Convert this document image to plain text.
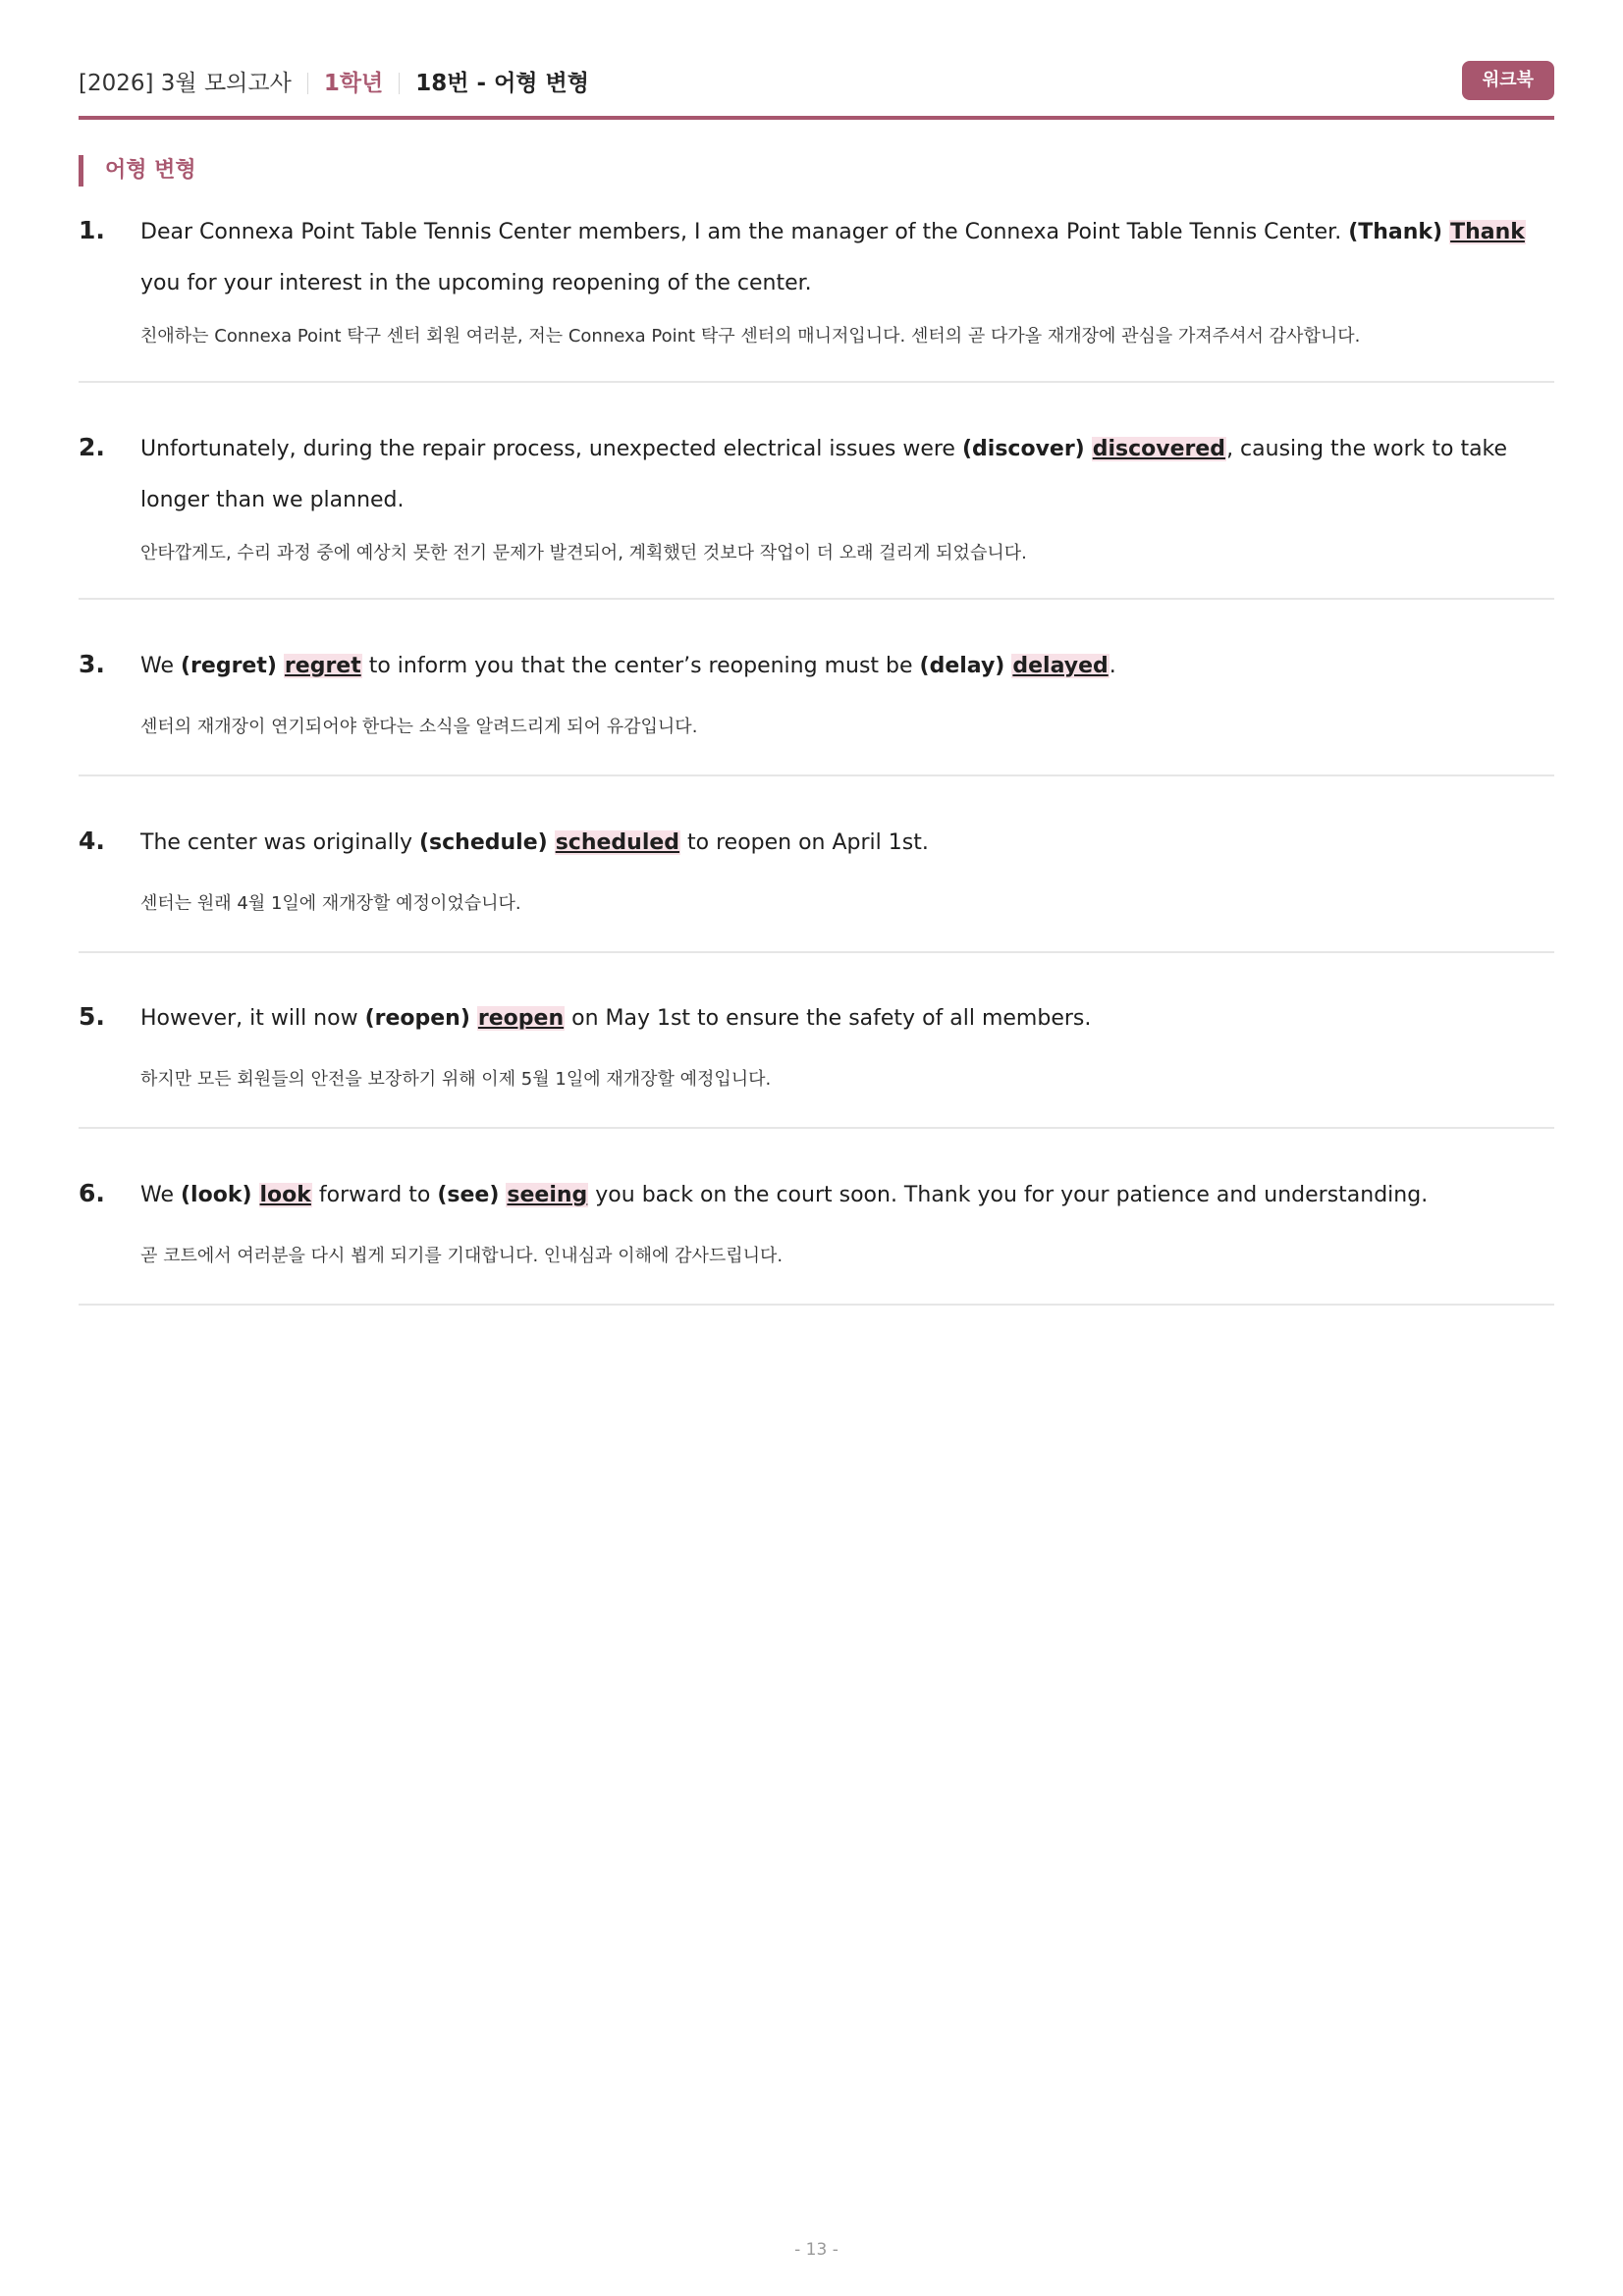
[2026] 3월 모의고사 1학년 18번 - 어형 변형	워크북
어형 변형
1. Dear Connexa Point Table Tennis Center members, I am the manager of the Connexa Point Table Tennis Center. (Thank) Thank you for your interest in the upcoming reopening of the center.
친애하는 Connexa Point 탁구 센터 회원 여러분, 저는 Connexa Point 탁구 센터의 매니저입니다. 센터의 곧 다가올 재개장에 관심을 가져주셔서 감사합니다.
2. Unfortunately, during the repair process, unexpected electrical issues were (discover) discovered, causing the work to take longer than we planned.
안타깝게도, 수리 과정 중에 예상치 못한 전기 문제가 발견되어, 계획했던 것보다 작업이 더 오래 걸리게 되었습니다.
3. We (regret) regret to inform you that the center’s reopening must be (delay) delayed.
센터의 재개장이 연기되어야 한다는 소식을 알려드리게 되어 유감입니다.
4. The center was originally (schedule) scheduled to reopen on April 1st.
센터는 원래 4월 1일에 재개장할 예정이었습니다.
5. However, it will now (reopen) reopen on May 1st to ensure the safety of all members.
하지만 모든 회원들의 안전을 보장하기 위해 이제 5월 1일에 재개장할 예정입니다.
6. We (look) look forward to (see) seeing you back on the court soon. Thank you for your patience and understanding.
곧 코트에서 여러분을 다시 뵙게 되기를 기대합니다. 인내심과 이해에 감사드립니다.
- 13 -
